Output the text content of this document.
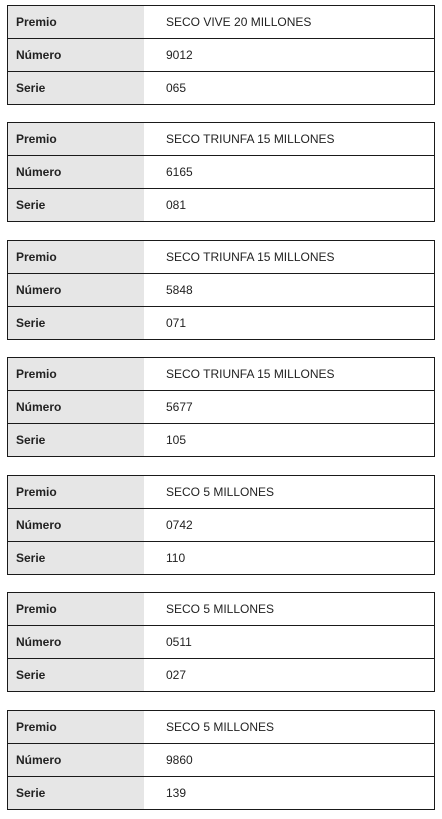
Premio	SECO VIVE 20 MILLONES
Número	9012
Serie	065
Premio	SECO TRIUNFA 15 MILLONES
Número	6165
Serie	081
Premio	SECO TRIUNFA 15 MILLONES
Número	5848
Serie	071
Premio	SECO TRIUNFA 15 MILLONES
Número	5677
Serie	105
Premio	SECO 5 MILLONES
Número	0742
Serie	110
Premio	SECO 5 MILLONES
Número	0511
Serie	027
Premio	SECO 5 MILLONES
Número	9860
Serie	139
